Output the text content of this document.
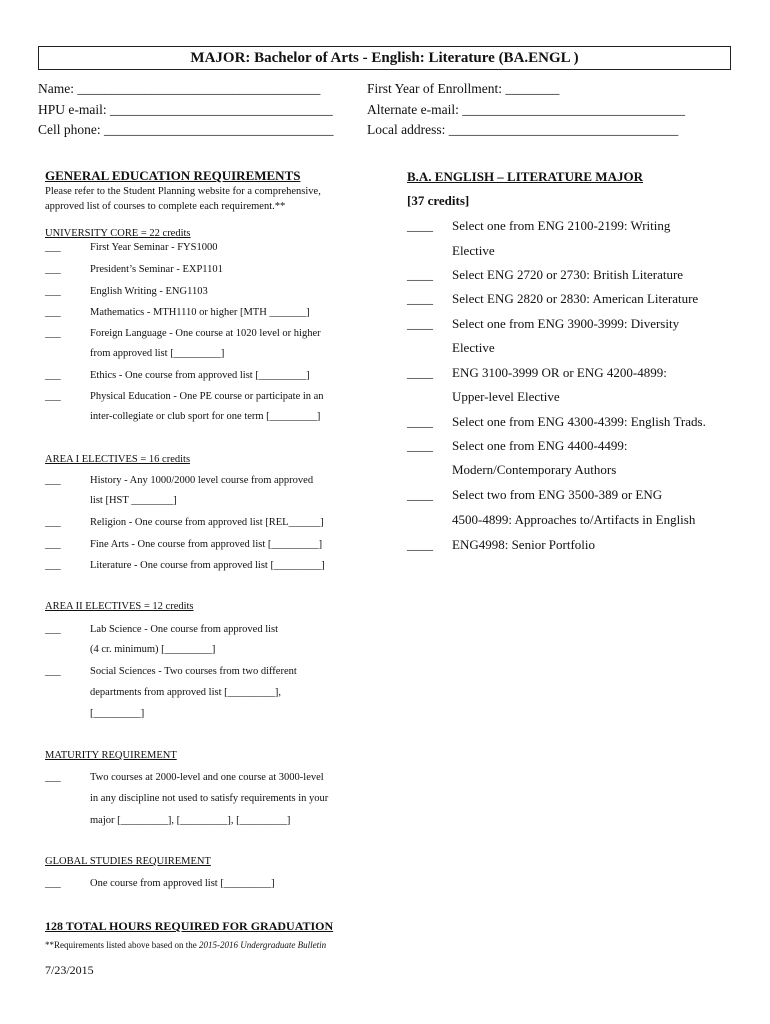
MAJOR: Bachelor of Arts - English: Literature (BA.ENGL )
Name: ____________________________________	First Year of Enrollment: ________
HPU e-mail: _________________________________	Alternate e-mail: _________________________________
Cell phone: __________________________________ Local address: __________________________________
GENERAL EDUCATION REQUIREMENTS
Please refer to the Student Planning website for a comprehensive,
approved list of courses to complete each requirement.**
UNIVERSITY CORE = 22 credits
___	First Year Seminar - FYS1000
___	President’s Seminar - EXP1101
___	English Writing - ENG1103
___	Mathematics - MTH1110 or higher [MTH _______]
___	Foreign Language - One course at 1020 level or higher
from approved list [_________]
___	Ethics - One course from approved list [_________]
___	Physical Education - One PE course or participate in an
inter-collegiate or club sport for one term [_________]
AREA I ELECTIVES = 16 credits
___	History - Any 1000/2000 level course from approved
list [HST ________]
___	Religion - One course from approved list [REL______]
___	Fine Arts - One course from approved list [_________]
___	Literature - One course from approved list [_________]
AREA II ELECTIVES = 12 credits
___	Lab Science - One course from approved list
(4 cr. minimum) [_________]
___	Social Sciences - Two courses from two different
departments from approved list [_________],
[_________]
MATURITY REQUIREMENT
___	Two courses at 2000-level and one course at 3000-level
in any discipline not used to satisfy requirements in your
major [_________], [_________], [_________]
GLOBAL STUDIES REQUIREMENT
___	One course from approved list [_________]
B.A. ENGLISH – LITERATURE MAJOR
[37 credits]
____	Select one from ENG 2100-2199: Writing
Elective
____	Select ENG 2720 or 2730: British Literature
____	Select ENG 2820 or 2830: American Literature
____	Select one from ENG 3900-3999: Diversity
Elective
____	ENG 3100-3999 OR or ENG 4200-4899:
Upper-level Elective
____	Select one from ENG 4300-4399: English Trads.
____	Select one from ENG 4400-4499:
Modern/Contemporary Authors
____	Select two from ENG 3500-389 or ENG
4500-4899: Approaches to/Artifacts in English
____	ENG4998: Senior Portfolio
128 TOTAL HOURS REQUIRED FOR GRADUATION
**Requirements listed above based on the 2015-2016 Undergraduate Bulletin
7/23/2015
